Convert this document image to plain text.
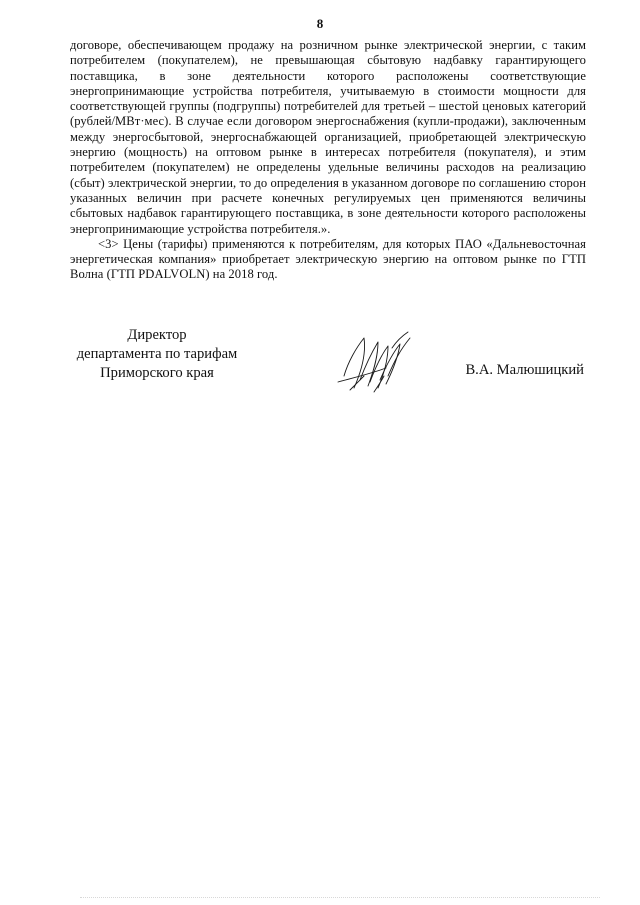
8

договоре, обеспечивающем продажу на розничном рынке электрической энергии, с таким потребителем (покупателем), не превышающая сбытовую надбавку гарантирующего поставщика, в зоне деятельности которого расположены соответствующие энергопринимающие устройства потребителя, учитываемую в стоимости мощности для соответствующей группы (подгруппы) потребителей для третьей – шестой ценовых категорий (рублей/МВт·мес). В случае если договором энергоснабжения (купли-продажи), заключенным между энергосбытовой, энергоснабжающей организацией, приобретающей электрическую энергию (мощность) на оптовом рынке в интересах потребителя (покупателя), и этим потребителем (покупателем) не определены удельные величины расходов на реализацию (сбыт) электрической энергии, то до определения в указанном договоре по соглашению сторон указанных величин при расчете конечных регулируемых цен применяются величины сбытовых надбавок гарантирующего поставщика, в зоне деятельности которого расположены энергопринимающие устройства потребителя.».

<3> Цены (тарифы) применяются к потребителям, для которых ПАО «Дальневосточная энергетическая компания» приобретает электрическую энергию на оптовом рынке по ГТП Волна (ГТП PDALVOLN) на 2018 год.

Директор
департамента по тарифам
Приморского края	В.А. Малюшицкий
